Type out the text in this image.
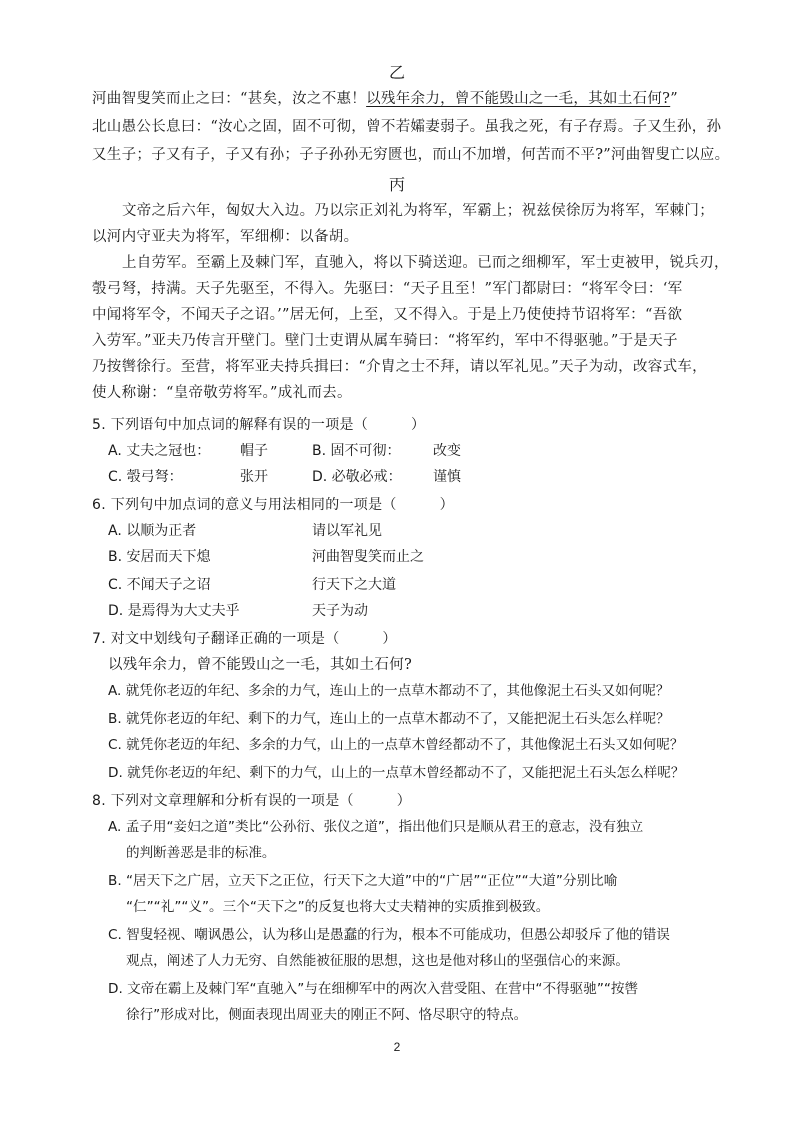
乙
河曲智叟笑而止之曰：“甚矣，汝之不惠！以残年余力，曾不能毁山之一毛，其如土石何?”
北山愚公长息曰：“汝心之固，固不可彻，曾不若孀妻弱子。虽我之死，有子存焉。子又生孙，孙
又生子；子又有子，子又有孙；子子孙孙无穷匮也，而山不加增，何苦而不平?”河曲智叟亡以应。
丙
文帝之后六年，匈奴大入边。乃以宗正刘礼为将军，军霸上；祝兹侯徐厉为将军，军棘门；
以河内守亚夫为将军，军细柳：以备胡。
上自劳军。至霸上及棘门军，直驰入，将以下骑送迎。已而之细柳军，军士吏被甲，锐兵刃，
彀弓弩，持满。天子先驱至，不得入。先驱曰：“天子且至！”军门都尉曰：“将军令曰：‘军
中闻将军令，不闻天子之诏。’”居无何，上至，又不得入。于是上乃使使持节诏将军：“吾欲
入劳军。”亚夫乃传言开壁门。壁门士吏谓从属车骑曰：“将军约，军中不得驱驰。”于是天子
乃按辔徐行。至营，将军亚夫持兵揖曰：“介胄之士不拜，请以军礼见。”天子为动，改容式车，
使人称谢：“皇帝敬劳将军。”成礼而去。
5. 下列语句中加点词的解释有误的一项是（　　　）
A. 丈夫之冠也： 帽子	B. 固不可彻： 改变
C. 彀弓弩：	张开	D. 必敬必戒： 谨慎
6. 下列句中加点词的意义与用法相同的一项是（　　　）
A. 以顺为正者	请以军礼见
B. 安居而天下熄	河曲智叟笑而止之
C. 不闻天子之诏	行天下之大道
D. 是焉得为大丈夫乎	天子为动
7. 对文中划线句子翻译正确的一项是（　　　）
以残年余力，曾不能毁山之一毛，其如土石何?
A. 就凭你老迈的年纪、多余的力气，连山上的一点草木都动不了，其他像泥土石头又如何呢？
B. 就凭你老迈的年纪、剩下的力气，连山上的一点草木都动不了，又能把泥土石头怎么样呢？
C. 就凭你老迈的年纪、多余的力气，山上的一点草木曾经都动不了，其他像泥土石头又如何呢？
D. 就凭你老迈的年纪、剩下的力气，山上的一点草木曾经都动不了，又能把泥土石头怎么样呢？
8. 下列对文章理解和分析有误的一项是（　　　）
A. 孟子用“妾妇之道”类比“公孙衍、张仪之道”，指出他们只是顺从君王的意志，没有独立
的判断善恶是非的标准。
B. “居天下之广居，立天下之正位，行天下之大道”中的“广居”“正位”“大道”分别比喻
“仁”“礼”“义”。三个“天下之”的反复也将大丈夫精神的实质推到极致。
C. 智叟轻视、嘲讽愚公，认为移山是愚蠢的行为，根本不可能成功，但愚公却驳斥了他的错误
观点，阐述了人力无穷、自然能被征服的思想，这也是他对移山的坚强信心的来源。
D. 文帝在霸上及棘门军“直驰入”与在细柳军中的两次入营受阻、在营中“不得驱驰”“按辔
徐行”形成对比，侧面表现出周亚夫的刚正不阿、恪尽职守的特点。
2
